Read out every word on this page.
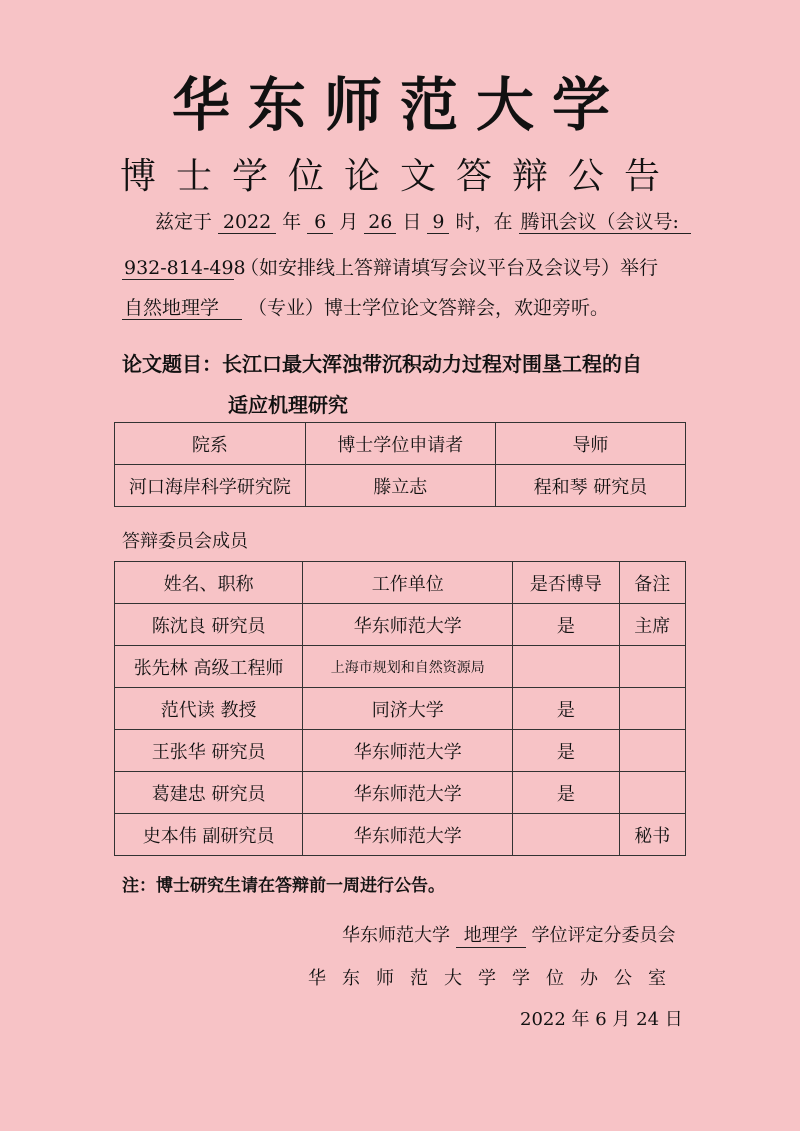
华东师范大学
博士学位论文答辩公告
兹定于 2022 年 6 月 26 日 9 时，在 腾讯会议（会议号:
932-814-498 （如安排线上答辩请填写会议平台及会议号）举行
自然地理学 （专业）博士学位论文答辩会，欢迎旁听。
论文题目：长江口最大浑浊带沉积动力过程对围垦工程的自
适应机理研究
院系	博士学位申请者	导师
河口海岸科学研究院	滕立志	程和琴 研究员
答辩委员会成员
姓名、职称	工作单位	是否博导	备注
陈沈良 研究员	华东师范大学	是	主席
张先林 高级工程师	上海市规划和自然资源局		
范代读 教授	同济大学	是	
王张华 研究员	华东师范大学	是	
葛建忠 研究员	华东师范大学	是	
史本伟 副研究员	华东师范大学		秘书
注：博士研究生请在答辩前一周进行公告。
华东师范大学 地理学 学位评定分委员会
华东师范大学学位办公室
2022 年 6 月 24 日
